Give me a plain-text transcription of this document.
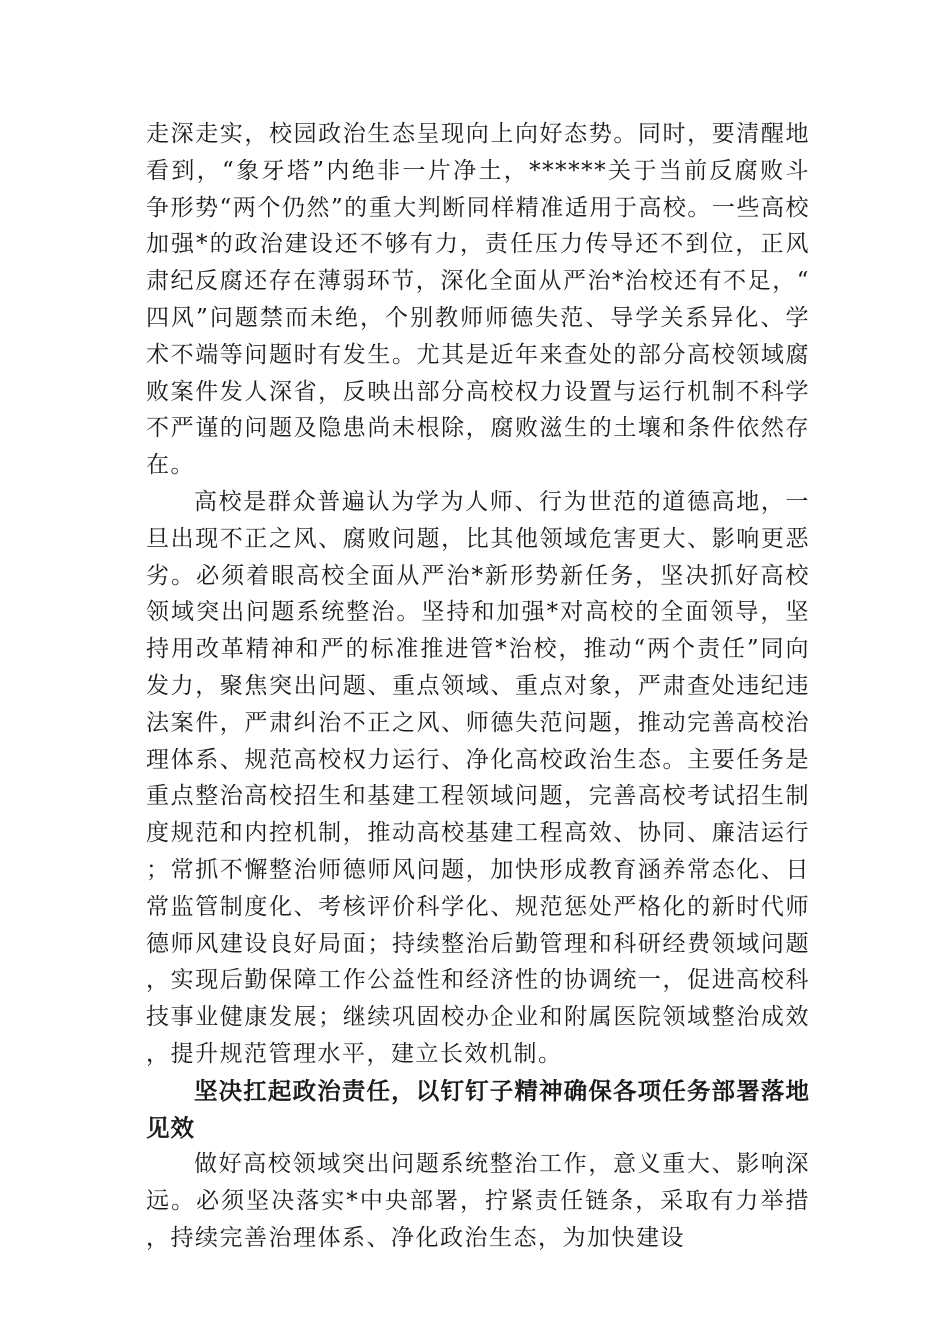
走深走实，校园政治生态呈现向上向好态势。同时，要清醒地看到，“象牙塔”内绝非一片净土，******关于当前反腐败斗争形势“两个仍然”的重大判断同样精准适用于高校。一些高校加强*的政治建设还不够有力，责任压力传导还不到位，正风肃纪反腐还存在薄弱环节，深化全面从严治*治校还有不足，“四风”问题禁而未绝，个别教师师德失范、导学关系异化、学术不端等问题时有发生。尤其是近年来查处的部分高校领域腐败案件发人深省，反映出部分高校权力设置与运行机制不科学不严谨的问题及隐患尚未根除，腐败滋生的土壤和条件依然存在。

高校是群众普遍认为学为人师、行为世范的道德高地，一旦出现不正之风、腐败问题，比其他领域危害更大、影响更恶劣。必须着眼高校全面从严治*新形势新任务，坚决抓好高校领域突出问题系统整治。坚持和加强*对高校的全面领导，坚持用改革精神和严的标准推进管*治校，推动“两个责任”同向发力，聚焦突出问题、重点领域、重点对象，严肃查处违纪违法案件，严肃纠治不正之风、师德失范问题，推动完善高校治理体系、规范高校权力运行、净化高校政治生态。主要任务是重点整治高校招生和基建工程领域问题，完善高校考试招生制度规范和内控机制，推动高校基建工程高效、协同、廉洁运行；常抓不懈整治师德师风问题，加快形成教育涵养常态化、日常监管制度化、考核评价科学化、规范惩处严格化的新时代师德师风建设良好局面；持续整治后勤管理和科研经费领域问题，实现后勤保障工作公益性和经济性的协调统一，促进高校科技事业健康发展；继续巩固校办企业和附属医院领域整治成效，提升规范管理水平，建立长效机制。

坚决扛起政治责任，以钉钉子精神确保各项任务部署落地见效

做好高校领域突出问题系统整治工作，意义重大、影响深远。必须坚决落实*中央部署，拧紧责任链条，采取有力举措，持续完善治理体系、净化政治生态，为加快建设
